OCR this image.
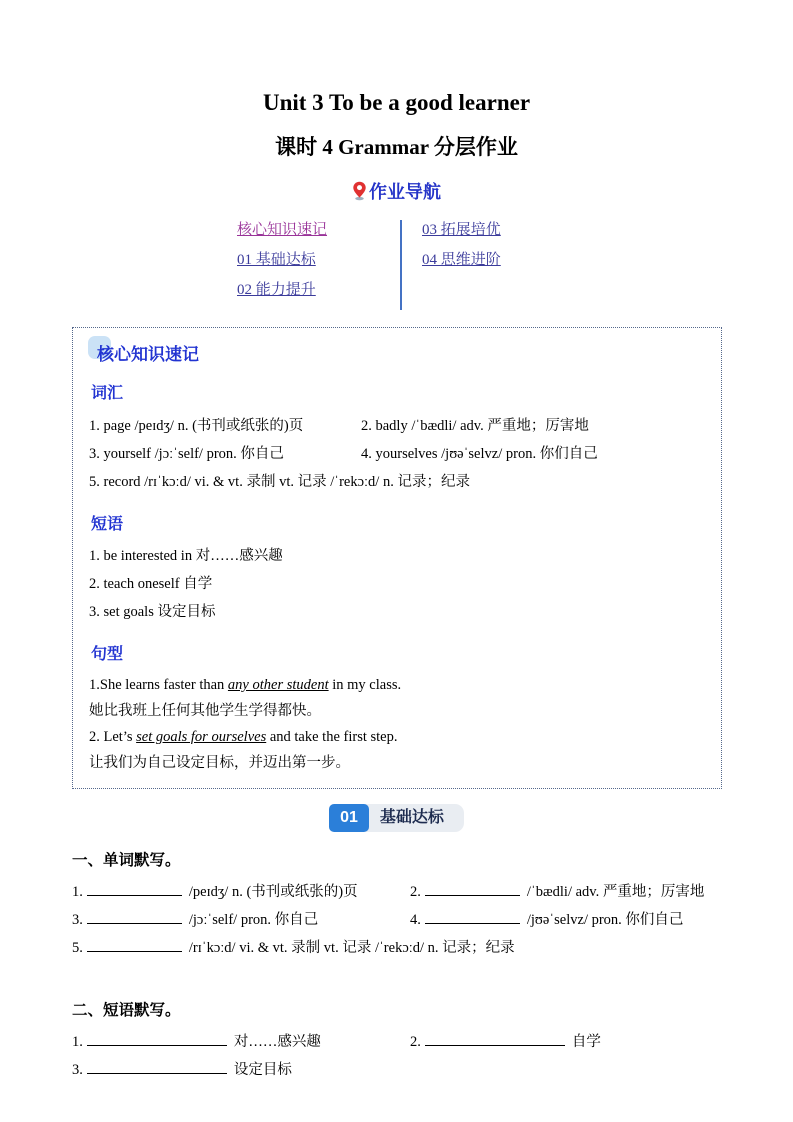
Unit 3 To be a good learner
课时 4 Grammar 分层作业
作业导航
核心知识速记
01 基础达标
02 能力提升
03 拓展培优
04 思维进阶
核心知识速记
词汇
1. page /peɪdʒ/ n. (书刊或纸张的)页	2. badly /ˈbædli/ adv. 严重地；厉害地
3. yourself /jɔːˈself/ pron. 你自己	4. yourselves /jʊəˈselvz/ pron. 你们自己
5. record /rɪˈkɔːd/ vi. & vt. 录制 vt. 记录 /ˈrekɔːd/ n. 记录；纪录
短语
1. be interested in 对……感兴趣
2. teach oneself 自学
3. set goals 设定目标
句型
1.She learns faster than any other student in my class.
她比我班上任何其他学生学得都快。
2. Let’s set goals for ourselves and take the first step.
让我们为自己设定目标，并迈出第一步。
01	基础达标
一、单词默写。
1.	/peɪdʒ/ n. (书刊或纸张的)页	2.	/ˈbædli/ adv. 严重地；厉害地
3.	/jɔːˈself/ pron. 你自己	4.	/jʊəˈselvz/ pron. 你们自己
5.	/rɪˈkɔːd/ vi. & vt. 录制 vt. 记录 /ˈrekɔːd/ n. 记录；纪录
二、短语默写。
1.	对……感兴趣	2.	自学
3.	设定目标
